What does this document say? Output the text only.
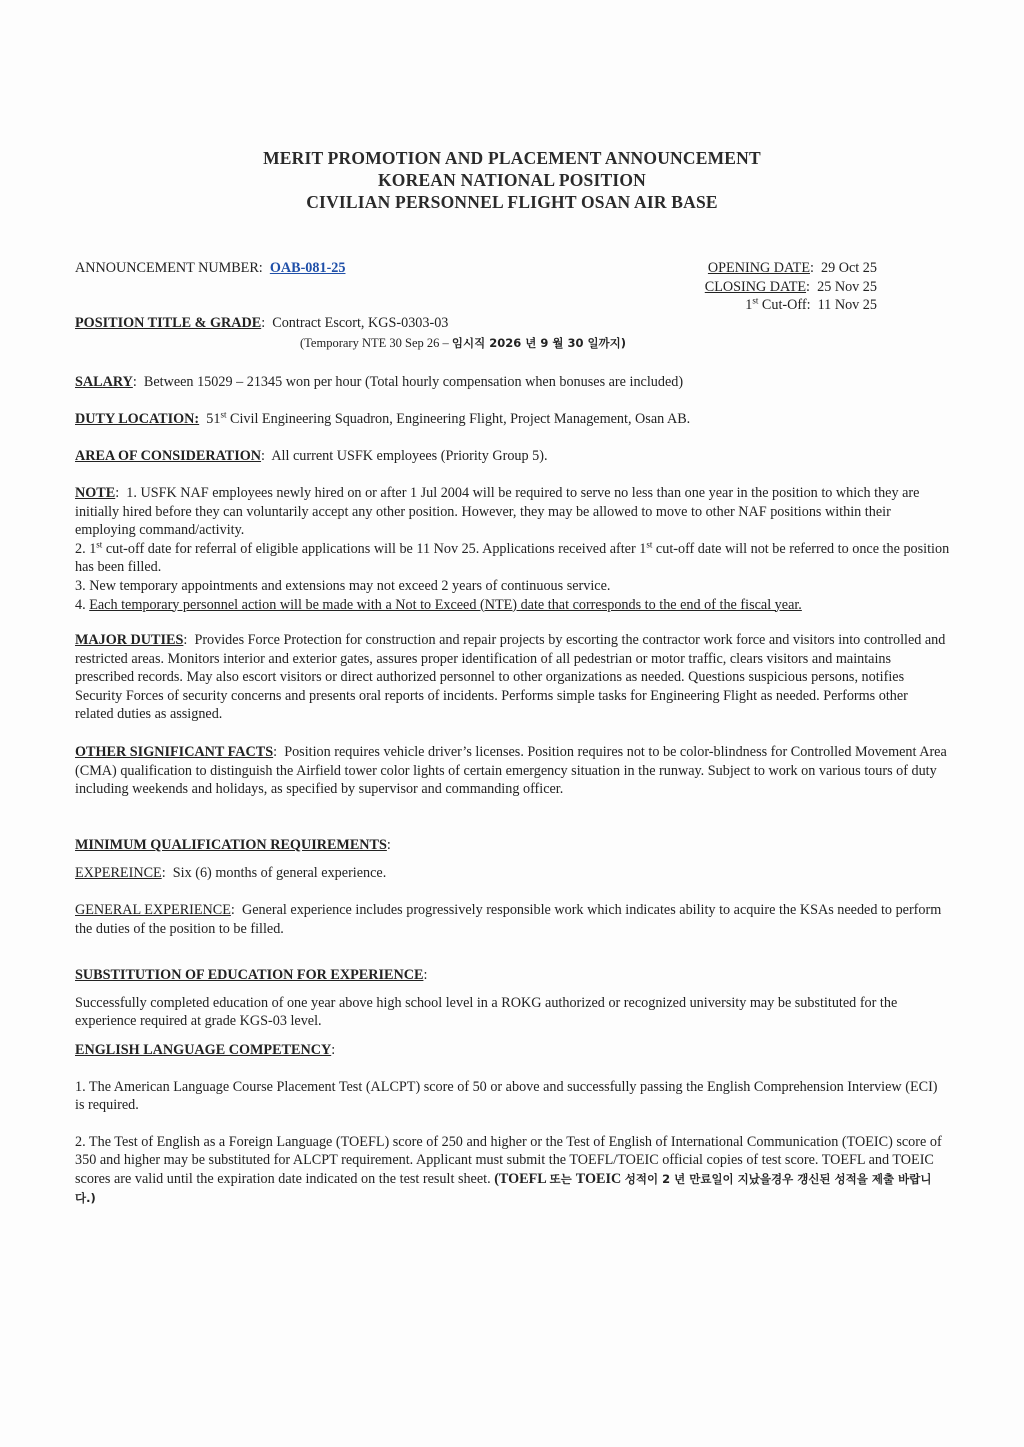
MERIT PROMOTION AND PLACEMENT ANNOUNCEMENT
KOREAN NATIONAL POSITION
CIVILIAN PERSONNEL FLIGHT OSAN AIR BASE
ANNOUNCEMENT NUMBER: OAB-081-25	OPENING DATE:  29 Oct 25
CLOSING DATE:  25 Nov 25
1st Cut-Off: 11 Nov 25
POSITION TITLE & GRADE:  Contract Escort, KGS-0303-03
(Temporary NTE 30 Sep 26 – 임시직 2026 년 9 월 30 일까지)
SALARY:  Between 15029 – 21345 won per hour (Total hourly compensation when bonuses are included)
DUTY LOCATION: 51st Civil Engineering Squadron, Engineering Flight, Project Management, Osan AB.
AREA OF CONSIDERATION:  All current USFK employees (Priority Group 5).
NOTE:  1. USFK NAF employees newly hired on or after 1 Jul 2004 will be required to serve no less than one year in the position to which they are initially hired before they can voluntarily accept any other position. However, they may be allowed to move to other NAF positions within their employing command/activity.
2. 1st cut-off date for referral of eligible applications will be 11 Nov 25. Applications received after 1st cut-off date will not be referred to once the position has been filled.
3. New temporary appointments and extensions may not exceed 2 years of continuous service.
4. Each temporary personnel action will be made with a Not to Exceed (NTE) date that corresponds to the end of the fiscal year.
MAJOR DUTIES:  Provides Force Protection for construction and repair projects by escorting the contractor work force and visitors into controlled and restricted areas. Monitors interior and exterior gates, assures proper identification of all pedestrian or motor traffic, clears visitors and maintains prescribed records. May also escort visitors or direct authorized personnel to other organizations as needed. Questions suspicious persons, notifies Security Forces of security concerns and presents oral reports of incidents. Performs simple tasks for Engineering Flight as needed. Performs other related duties as assigned.
OTHER SIGNIFICANT FACTS:  Position requires vehicle driver’s licenses. Position requires not to be color-blindness for Controlled Movement Area (CMA) qualification to distinguish the Airfield tower color lights of certain emergency situation in the runway. Subject to work on various tours of duty including weekends and holidays, as specified by supervisor and commanding officer.
MINIMUM QUALIFICATION REQUIREMENTS:
EXPEREINCE:  Six (6) months of general experience.
GENERAL EXPERIENCE:  General experience includes progressively responsible work which indicates ability to acquire the KSAs needed to perform the duties of the position to be filled.
SUBSTITUTION OF EDUCATION FOR EXPERIENCE:
Successfully completed education of one year above high school level in a ROKG authorized or recognized university may be substituted for the experience required at grade KGS-03 level.
ENGLISH LANGUAGE COMPETENCY:
1. The American Language Course Placement Test (ALCPT) score of 50 or above and successfully passing the English Comprehension Interview (ECI) is required.
2. The Test of English as a Foreign Language (TOEFL) score of 250 and higher or the Test of English of International Communication (TOEIC) score of 350 and higher may be substituted for ALCPT requirement. Applicant must submit the TOEFL/TOEIC official copies of test score. TOEFL and TOEIC scores are valid until the expiration date indicated on the test result sheet. (TOEFL 또는 TOEIC 성적이 2 년 만료일이 지났을경우 갱신된 성적을 제출 바랍니다.)
